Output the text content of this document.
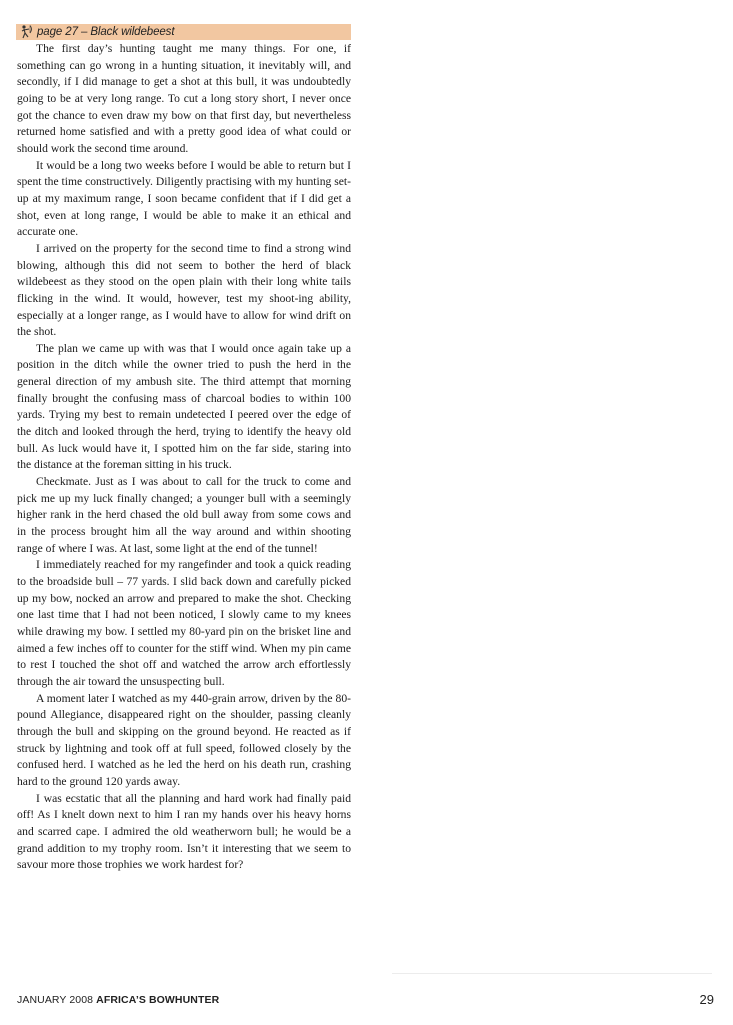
page 27 – Black wildebeest

The first day’s hunting taught me many things. For one, if something can go wrong in a hunting situation, it inevitably will, and secondly, if I did manage to get a shot at this bull, it was undoubtedly going to be at very long range. To cut a long story short, I never once got the chance to even draw my bow on that first day, but nevertheless returned home satisfied and with a pretty good idea of what could or should work the second time around.

It would be a long two weeks before I would be able to return but I spent the time constructively. Diligently practising with my hunting set-up at my maximum range, I soon became confident that if I did get a shot, even at long range, I would be able to make it an ethical and accurate one.

I arrived on the property for the second time to find a strong wind blowing, although this did not seem to bother the herd of black wildebeest as they stood on the open plain with their long white tails flicking in the wind. It would, however, test my shoot-ing ability, especially at a longer range, as I would have to allow for wind drift on the shot.

The plan we came up with was that I would once again take up a position in the ditch while the owner tried to push the herd in the general direction of my ambush site. The third attempt that morning finally brought the confusing mass of charcoal bodies to within 100 yards. Trying my best to remain undetected I peered over the edge of the ditch and looked through the herd, trying to identify the heavy old bull. As luck would have it, I spotted him on the far side, staring into the distance at the foreman sitting in his truck.

Checkmate. Just as I was about to call for the truck to come and pick me up my luck finally changed; a younger bull with a seemingly higher rank in the herd chased the old bull away from some cows and in the process brought him all the way around and within shooting range of where I was. At last, some light at the end of the tunnel!

I immediately reached for my rangefinder and took a quick reading to the broadside bull – 77 yards. I slid back down and carefully picked up my bow, nocked an arrow and prepared to make the shot. Checking one last time that I had not been noticed, I slowly came to my knees while drawing my bow. I settled my 80-yard pin on the brisket line and aimed a few inches off to counter for the stiff wind. When my pin came to rest I touched the shot off and watched the arrow arch effortlessly through the air toward the unsuspecting bull.

A moment later I watched as my 440-grain arrow, driven by the 80-pound Allegiance, disappeared right on the shoulder, passing cleanly through the bull and skipping on the ground beyond. He reacted as if struck by lightning and took off at full speed, followed closely by the confused herd. I watched as he led the herd on his death run, crashing hard to the ground 120 yards away.

I was ecstatic that all the planning and hard work had finally paid off! As I knelt down next to him I ran my hands over his heavy horns and scarred cape. I admired the old weatherworn bull; he would be a grand addition to my trophy room. Isn’t it interesting that we seem to savour more those trophies we work hardest for?

JANUARY 2008 AFRICA’S BOWHUNTER	29
